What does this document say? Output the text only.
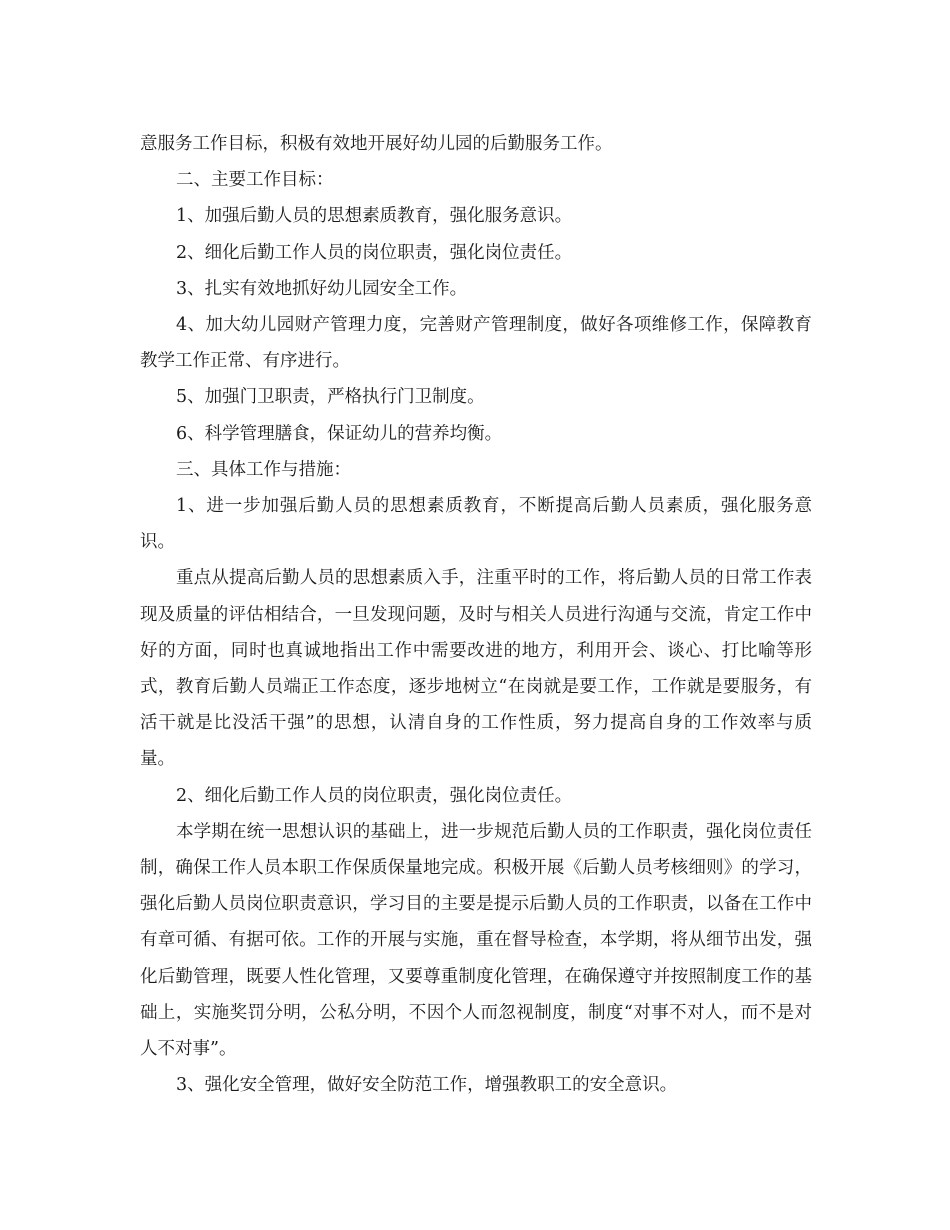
意服务工作目标，积极有效地开展好幼儿园的后勤服务工作。

二、主要工作目标：

1、加强后勤人员的思想素质教育，强化服务意识。

2、细化后勤工作人员的岗位职责，强化岗位责任。

3、扎实有效地抓好幼儿园安全工作。

4、加大幼儿园财产管理力度，完善财产管理制度，做好各项维修工作，保障教育教学工作正常、有序进行。

5、加强门卫职责，严格执行门卫制度。

6、科学管理膳食，保证幼儿的营养均衡。

三、具体工作与措施：

1、进一步加强后勤人员的思想素质教育，不断提高后勤人员素质，强化服务意识。

重点从提高后勤人员的思想素质入手，注重平时的工作，将后勤人员的日常工作表现及质量的评估相结合，一旦发现问题，及时与相关人员进行沟通与交流，肯定工作中好的方面，同时也真诚地指出工作中需要改进的地方，利用开会、谈心、打比喻等形式，教育后勤人员端正工作态度，逐步地树立“在岗就是要工作，工作就是要服务，有活干就是比没活干强”的思想，认清自身的工作性质，努力提高自身的工作效率与质量。

2、细化后勤工作人员的岗位职责，强化岗位责任。

本学期在统一思想认识的基础上，进一步规范后勤人员的工作职责，强化岗位责任制，确保工作人员本职工作保质保量地完成。积极开展《后勤人员考核细则》的学习，强化后勤人员岗位职责意识，学习目的主要是提示后勤人员的工作职责，以备在工作中有章可循、有据可依。工作的开展与实施，重在督导检查，本学期，将从细节出发，强化后勤管理，既要人性化管理，又要尊重制度化管理，在确保遵守并按照制度工作的基础上，实施奖罚分明，公私分明，不因个人而忽视制度，制度“对事不对人，而不是对人不对事”。

3、强化安全管理，做好安全防范工作，增强教职工的安全意识。
